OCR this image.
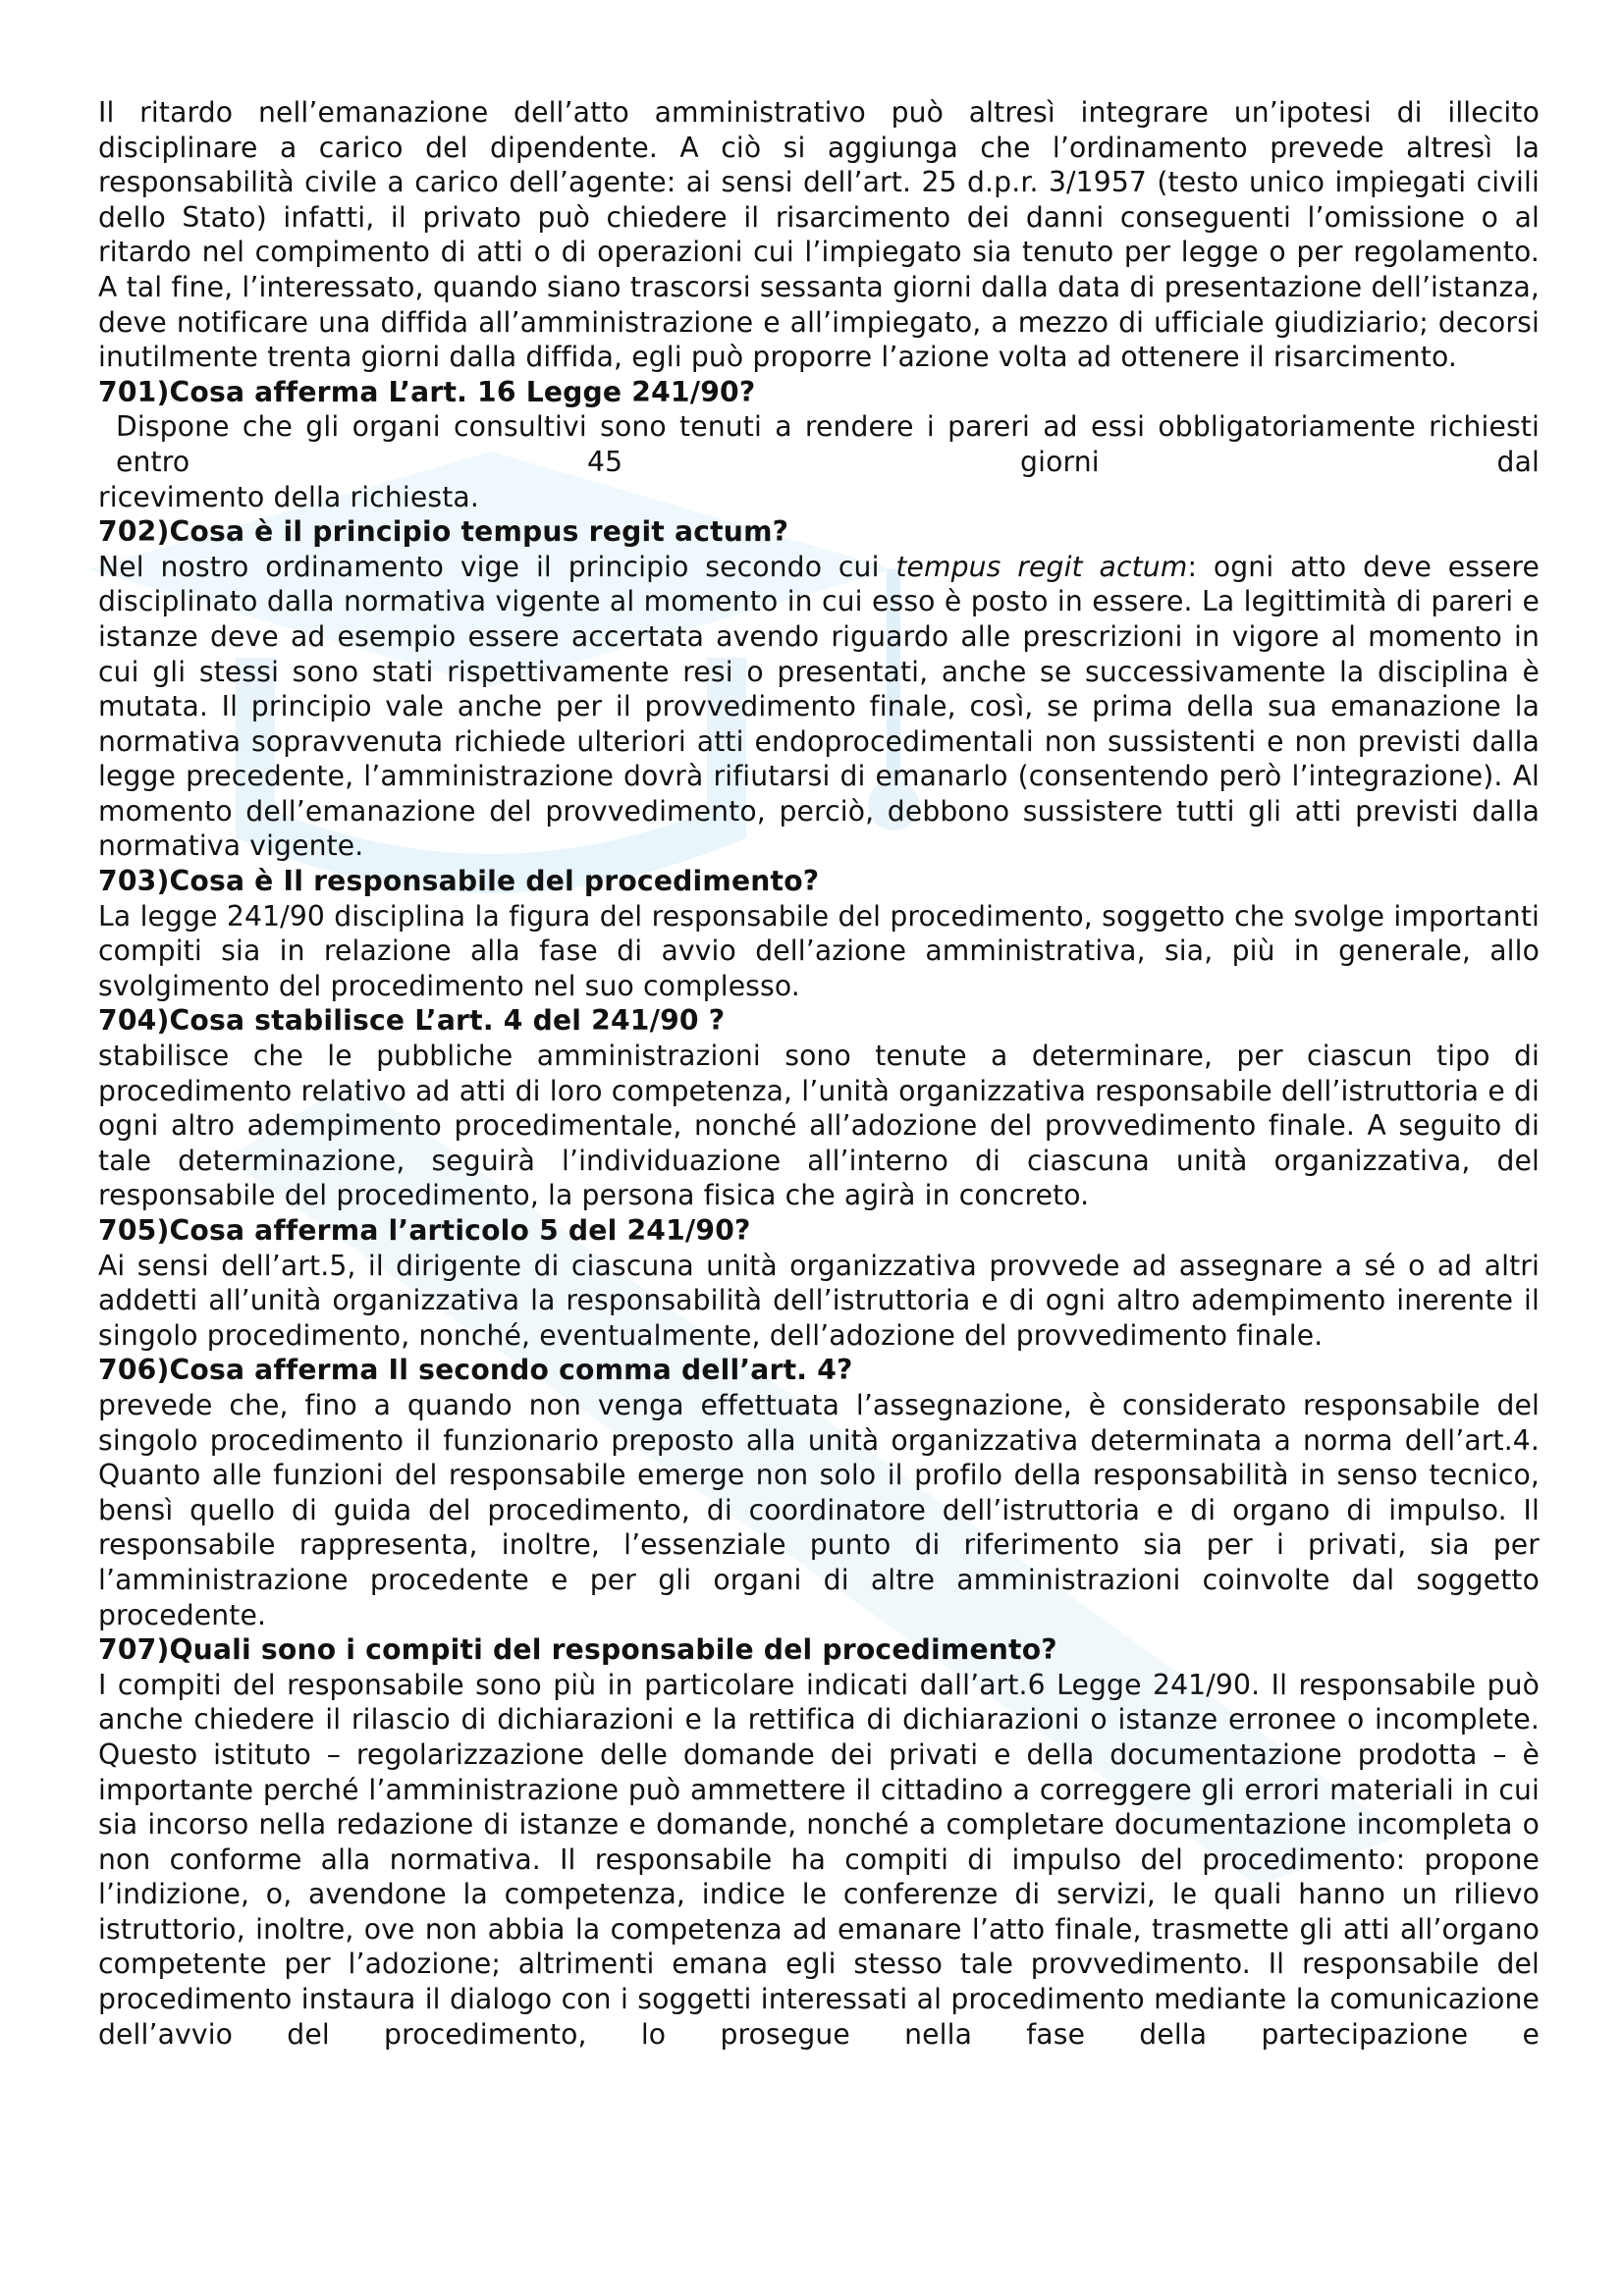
Il ritardo nell’emanazione dell’atto amministrativo può altresì integrare un’ipotesi di illecito disciplinare a carico del dipendente. A ciò si aggiunga che l’ordinamento prevede altresì la responsabilità civile a carico dell’agente: ai sensi dell’art. 25 d.p.r. 3/1957 (testo unico impiegati civili dello Stato) infatti, il privato può chiedere il risarcimento dei danni conseguenti l’omissione o al ritardo nel compimento di atti o di operazioni cui l’impiegato sia tenuto per legge o per regolamento. A tal fine, l’interessato, quando siano trascorsi sessanta giorni dalla data di presentazione dell’istanza, deve notificare una diffida all’amministrazione e all’impiegato, a mezzo di ufficiale giudiziario; decorsi inutilmente trenta giorni dalla diffida, egli può proporre l’azione volta ad ottenere il risarcimento.

701)Cosa afferma L’art. 16 Legge 241/90?

Dispone che gli organi consultivi sono tenuti a rendere i pareri ad essi obbligatoriamente richiesti entro 45 giorni dal

ricevimento della richiesta.

702)Cosa è il principio tempus regit actum?

Nel nostro ordinamento vige il principio secondo cui tempus regit actum: ogni atto deve essere disciplinato dalla normativa vigente al momento in cui esso è posto in essere. La legittimità di pareri e istanze deve ad esempio essere accertata avendo riguardo alle prescrizioni in vigore al momento in cui gli stessi sono stati rispettivamente resi o presentati, anche se successivamente la disciplina è mutata. Il principio vale anche per il provvedimento finale, così, se prima della sua emanazione la normativa sopravvenuta richiede ulteriori atti endoprocedimentali non sussistenti e non previsti dalla legge precedente, l’amministrazione dovrà rifiutarsi di emanarlo (consentendo però l’integrazione). Al momento dell’emanazione del provvedimento, perciò, debbono sussistere tutti gli atti previsti dalla normativa vigente.

703)Cosa è Il responsabile del procedimento?

La legge 241/90 disciplina la figura del responsabile del procedimento, soggetto che svolge importanti compiti sia in relazione alla fase di avvio dell’azione amministrativa, sia, più in generale, allo svolgimento del procedimento nel suo complesso.

704)Cosa stabilisce L’art. 4 del 241/90 ?

stabilisce che le pubbliche amministrazioni sono tenute a determinare, per ciascun tipo di procedimento relativo ad atti di loro competenza, l’unità organizzativa responsabile dell’istruttoria e di ogni altro adempimento procedimentale, nonché all’adozione del provvedimento finale. A seguito di tale determinazione, seguirà l’individuazione all’interno di ciascuna unità organizzativa, del responsabile del procedimento, la persona fisica che agirà in concreto.

705)Cosa afferma l’articolo 5 del 241/90?

Ai sensi dell’art.5, il dirigente di ciascuna unità organizzativa provvede ad assegnare a sé o ad altri addetti all’unità organizzativa la responsabilità dell’istruttoria e di ogni altro adempimento inerente il singolo procedimento, nonché, eventualmente, dell’adozione del provvedimento finale.

706)Cosa afferma Il secondo comma dell’art. 4?

prevede che, fino a quando non venga effettuata l’assegnazione, è considerato responsabile del singolo procedimento il funzionario preposto alla unità organizzativa determinata a norma dell’art.4. Quanto alle funzioni del responsabile emerge non solo il profilo della responsabilità in senso tecnico, bensì quello di guida del procedimento, di coordinatore dell’istruttoria e di organo di impulso. Il responsabile rappresenta, inoltre, l’essenziale punto di riferimento sia per i privati, sia per l’amministrazione procedente e per gli organi di altre amministrazioni coinvolte dal soggetto procedente.

707)Quali sono i compiti del responsabile del procedimento?

I compiti del responsabile sono più in particolare indicati dall’art.6 Legge 241/90. Il responsabile può anche chiedere il rilascio di dichiarazioni e la rettifica di dichiarazioni o istanze erronee o incomplete. Questo istituto – regolarizzazione delle domande dei privati e della documentazione prodotta – è importante perché l’amministrazione può ammettere il cittadino a correggere gli errori materiali in cui sia incorso nella redazione di istanze e domande, nonché a completare documentazione incompleta o non conforme alla normativa. Il responsabile ha compiti di impulso del procedimento: propone l’indizione, o, avendone la competenza, indice le conferenze di servizi, le quali hanno un rilievo istruttorio, inoltre, ove non abbia la competenza ad emanare l’atto finale, trasmette gli atti all’organo competente per l’adozione; altrimenti emana egli stesso tale provvedimento. Il responsabile del procedimento instaura il dialogo con i soggetti interessati al procedimento mediante la comunicazione dell’avvio del procedimento, lo prosegue nella fase della partecipazione e
